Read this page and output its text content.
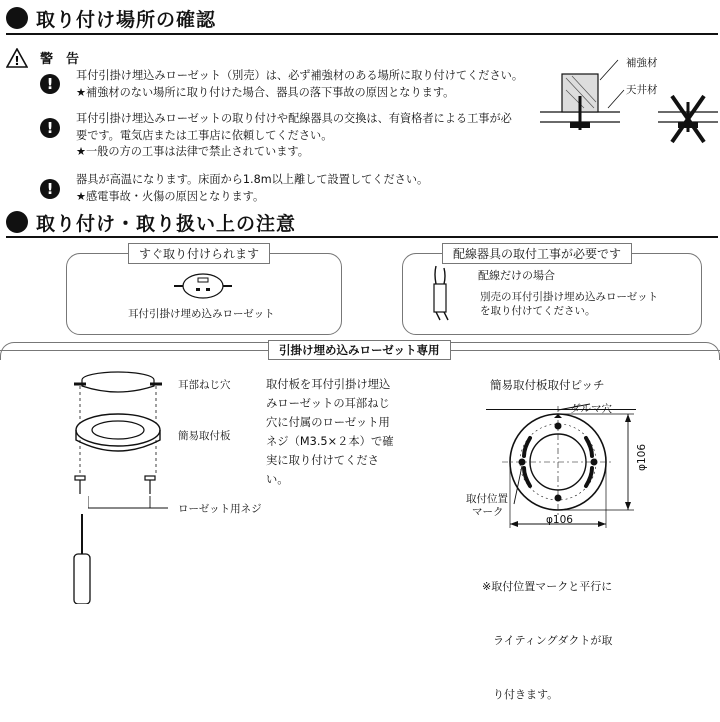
取り付け場所の確認
! 警　告
!	耳付引掛け埋込みローゼット（別売）は、必ず補強材のある場所に取り付けてください。
★補強材のない場所に取り付けた場合、器具の落下事故の原因となります。
!
耳付引掛け埋込みローゼットの取り付けや配線器具の交換は、有資格者による工事が必
要です。電気店または工事店に依頼してください。
★一般の方の工事は法律で禁止されています。
!
器具が高温になります。床面から1.8m以上離して設置してください。
★感電事故・火傷の原因となります。
補強材
天井材
取り付け・取り扱い上の注意
すぐ取り付けられます
耳付引掛け埋め込みローゼット
配線器具の取付工事が必要です
配線だけの場合
別売の耳付引掛け埋め込みローゼット
を取り付けてください。
引掛け埋め込みローゼット専用
耳部ねじ穴
簡易取付板
ローゼット用ネジ
取付板を耳付引掛け埋込
みローゼットの耳部ねじ
穴に付属のローゼット用
ネジ（M3.5×２本）で確
実に取り付けてくださ
い。
簡易取付板取付ピッチ
ダルマ穴
φ106
取付位置
マーク
φ106

※取付位置マークと平行に

　ライティングダクトが取

　り付きます。
